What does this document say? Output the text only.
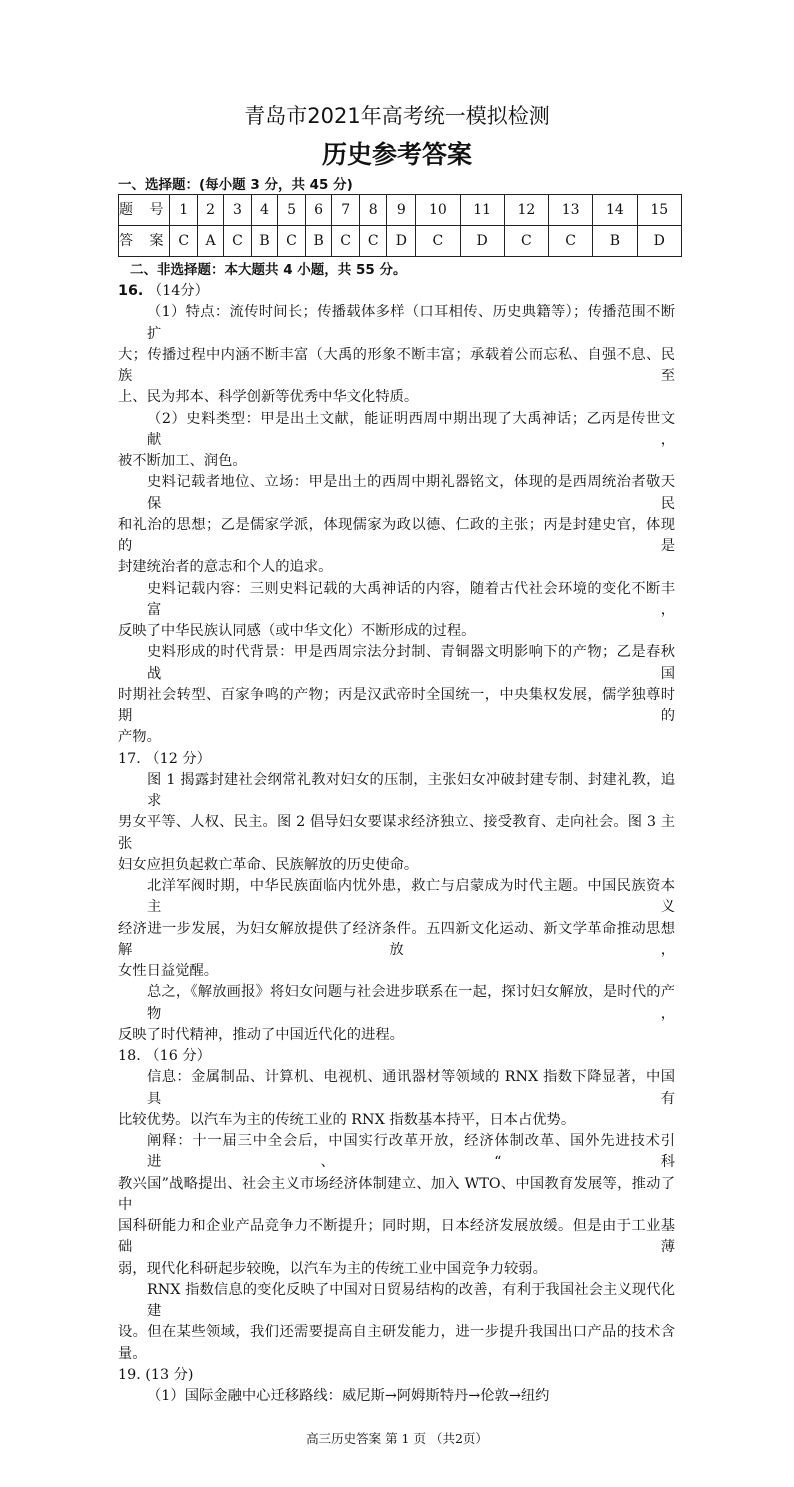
青岛市2021年高考统一模拟检测
历史参考答案
一、选择题：(每小题 3 分，共 45 分)
题 号	1	2	3	4	5	6	7	8	9	10	11	12	13	14	15
答 案	C	A	C	B	C	B	C	C	D	C	D	C	C	B	D
二、非选择题：本大题共 4 小题，共 55 分。
16. （14分）
（1）特点：流传时间长；传播载体多样（口耳相传、历史典籍等）；传播范围不断扩
大；传播过程中内涵不断丰富（大禹的形象不断丰富；承载着公而忘私、自强不息、民族至
上、民为邦本、科学创新等优秀中华文化特质。
（2）史料类型：甲是出土文献，能证明西周中期出现了大禹神话；乙丙是传世文献，
被不断加工、润色。
史料记载者地位、立场：甲是出土的西周中期礼器铭文，体现的是西周统治者敬天保民
和礼治的思想；乙是儒家学派，体现儒家为政以德、仁政的主张；丙是封建史官，体现的是
封建统治者的意志和个人的追求。
史料记载内容：三则史料记载的大禹神话的内容，随着古代社会环境的变化不断丰富，
反映了中华民族认同感（或中华文化）不断形成的过程。
史料形成的时代背景：甲是西周宗法分封制、青铜器文明影响下的产物；乙是春秋战国
时期社会转型、百家争鸣的产物；丙是汉武帝时全国统一，中央集权发展，儒学独尊时期的
产物。
17. （12 分）
图 1 揭露封建社会纲常礼教对妇女的压制，主张妇女冲破封建专制、封建礼教，追求
男女平等、人权、民主。图 2 倡导妇女要谋求经济独立、接受教育、走向社会。图 3 主张
妇女应担负起救亡革命、民族解放的历史使命。
北洋军阀时期，中华民族面临内忧外患，救亡与启蒙成为时代主题。中国民族资本主义
经济进一步发展，为妇女解放提供了经济条件。五四新文化运动、新文学革命推动思想解放，
女性日益觉醒。
总之，《解放画报》将妇女问题与社会进步联系在一起，探讨妇女解放，是时代的产物，
反映了时代精神，推动了中国近代化的进程。
18. （16 分）
信息：金属制品、计算机、电视机、通讯器材等领域的 RNX 指数下降显著，中国具有
比较优势。以汽车为主的传统工业的 RNX 指数基本持平，日本占优势。
阐释：十一届三中全会后，中国实行改革开放，经济体制改革、国外先进技术引进、“科
教兴国”战略提出、社会主义市场经济体制建立、加入 WTO、中国教育发展等，推动了中
国科研能力和企业产品竞争力不断提升；同时期，日本经济发展放缓。但是由于工业基础薄
弱，现代化科研起步较晚，以汽车为主的传统工业中国竞争力较弱。
RNX 指数信息的变化反映了中国对日贸易结构的改善，有利于我国社会主义现代化建
设。但在某些领域，我们还需要提高自主研发能力，进一步提升我国出口产品的技术含量。
19. (13 分)
（1）国际金融中心迁移路线：威尼斯→阿姆斯特丹→伦敦→纽约
高三历史答案 第 1 页 （共2页）
